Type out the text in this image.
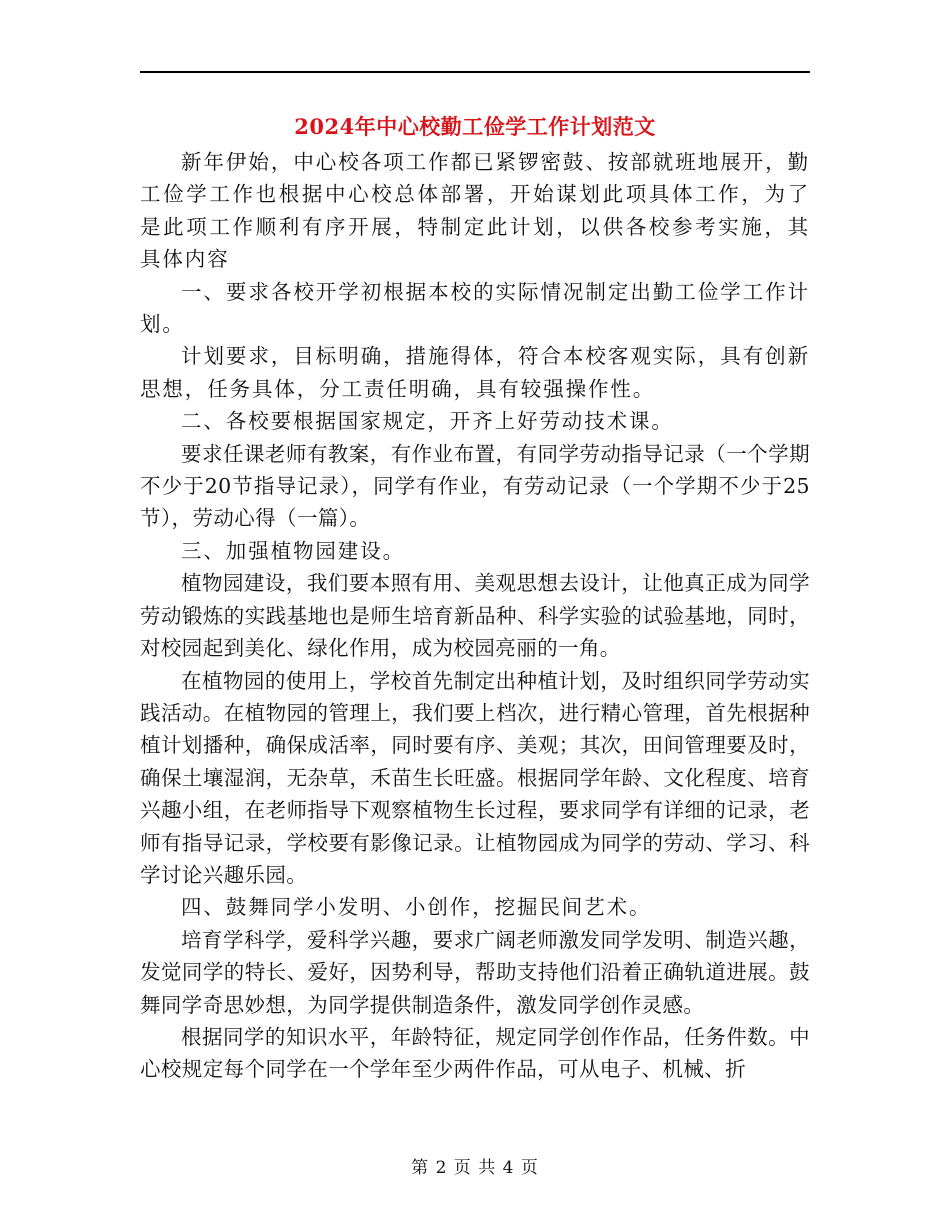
2024年中心校勤工俭学工作计划范文

新年伊始，中心校各项工作都已紧锣密鼓、按部就班地展开，勤工俭学工作也根据中心校总体部署，开始谋划此项具体工作，为了是此项工作顺利有序开展，特制定此计划，以供各校参考实施，其具体内容

一、要求各校开学初根据本校的实际情况制定出勤工俭学工作计划。

计划要求，目标明确，措施得体，符合本校客观实际，具有创新思想，任务具体，分工责任明确，具有较强操作性。

二、各校要根据国家规定，开齐上好劳动技术课。

要求任课老师有教案，有作业布置，有同学劳动指导记录（一个学期不少于20节指导记录），同学有作业，有劳动记录（一个学期不少于25节），劳动心得（一篇）。

三、加强植物园建设。

植物园建设，我们要本照有用、美观思想去设计，让他真正成为同学劳动锻炼的实践基地也是师生培育新品种、科学实验的试验基地，同时，对校园起到美化、绿化作用，成为校园亮丽的一角。

在植物园的使用上，学校首先制定出种植计划，及时组织同学劳动实践活动。在植物园的管理上，我们要上档次，进行精心管理，首先根据种植计划播种，确保成活率，同时要有序、美观；其次，田间管理要及时，确保土壤湿润，无杂草，禾苗生长旺盛。根据同学年龄、文化程度、培育兴趣小组，在老师指导下观察植物生长过程，要求同学有详细的记录，老师有指导记录，学校要有影像记录。让植物园成为同学的劳动、学习、科学讨论兴趣乐园。

四、鼓舞同学小发明、小创作，挖掘民间艺术。

培育学科学，爱科学兴趣，要求广阔老师激发同学发明、制造兴趣，发觉同学的特长、爱好，因势利导，帮助支持他们沿着正确轨道进展。鼓舞同学奇思妙想，为同学提供制造条件，激发同学创作灵感。

根据同学的知识水平，年龄特征，规定同学创作作品，任务件数。中心校规定每个同学在一个学年至少两件作品，可从电子、机械、折

第 2 页 共 4 页
